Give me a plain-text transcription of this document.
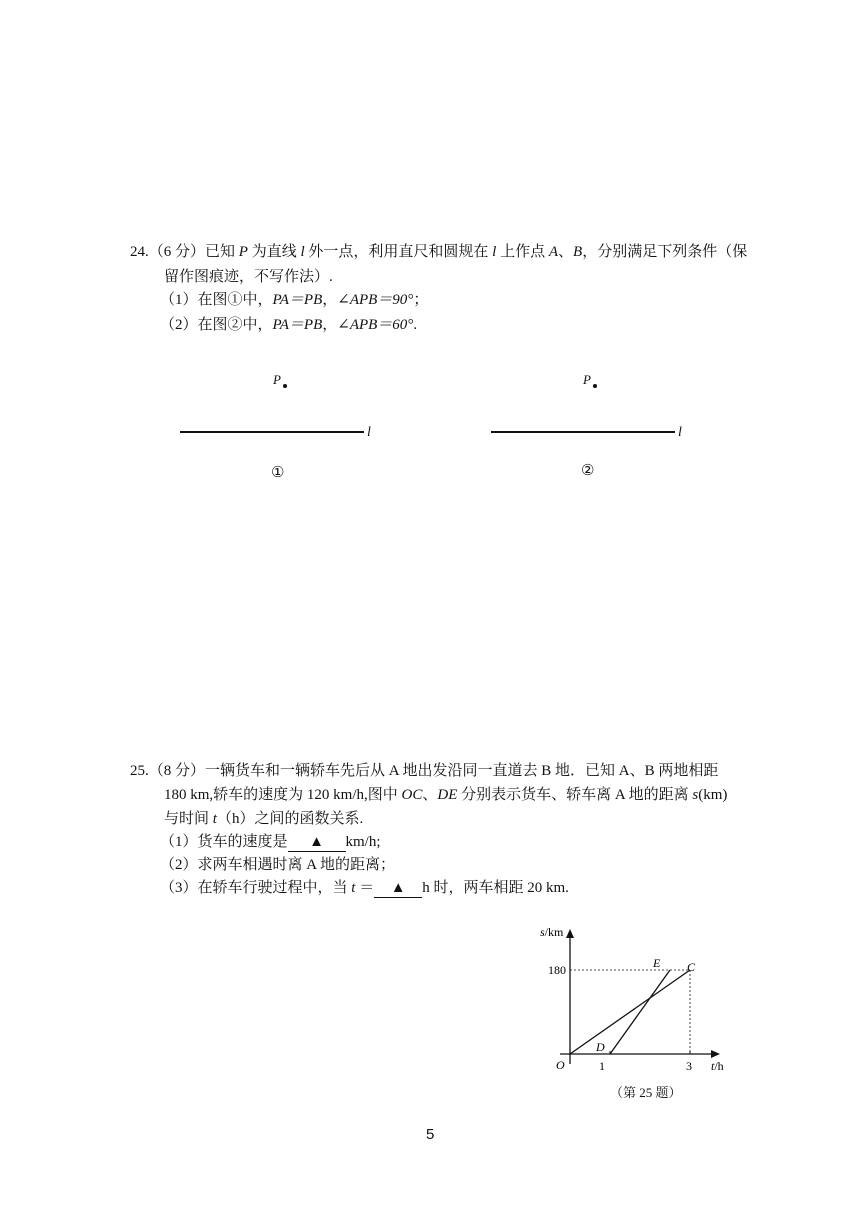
24.（6 分）已知 P 为直线 l 外一点，利用直尺和圆规在 l 上作点 A、B，分别满足下列条件（保
留作图痕迹，不写作法）.
（1）在图①中，PA＝PB，∠APB＝90°；
（2）在图②中，PA＝PB，∠APB＝60°.
P
l
①
P
l
②
25.（8 分）一辆货车和一辆轿车先后从 A 地出发沿同一直道去 B 地．已知 A、B 两地相距
180 km,轿车的速度为 120 km/h,图中 OC、DE 分别表示货车、轿车离 A 地的距离 s(km)
与时间 t（h）之间的函数关系.
（1）货车的速度是 ▲ km/h;
（2）求两车相遇时离 A 地的距离；
（3）在轿车行驶过程中，当 t ＝ ▲ h 时，两车相距 20 km.
s/km
t/h
180
O	1	3
D
E C
（第 25 题）
5
